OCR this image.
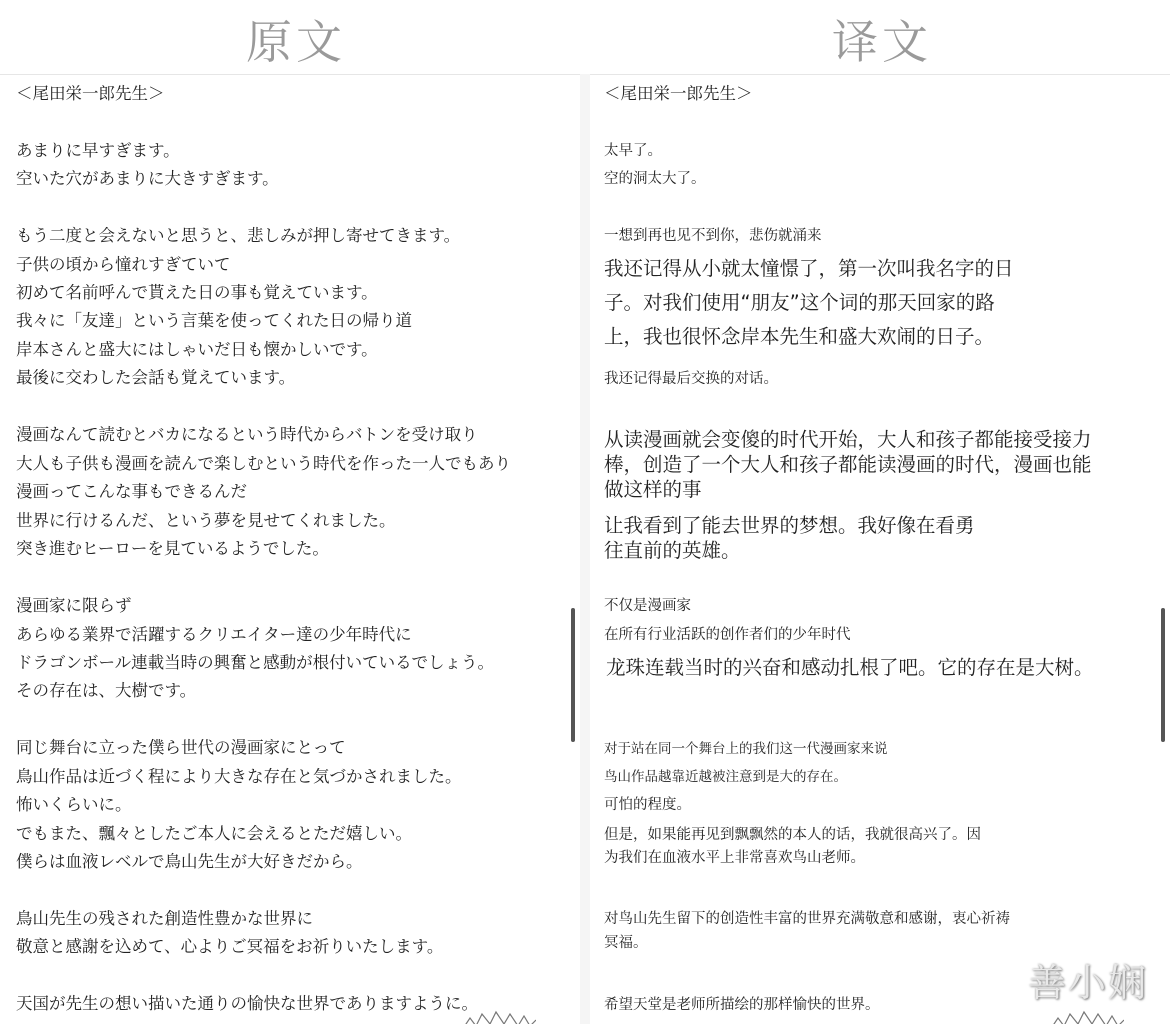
原文	译文
＜尾田栄一郎先生＞
あまりに早すぎます。
空いた穴があまりに大きすぎます。
もう二度と会えないと思うと、悲しみが押し寄せてきます。
子供の頃から憧れすぎていて
初めて名前呼んで貰えた日の事も覚えています。
我々に「友達」という言葉を使ってくれた日の帰り道
岸本さんと盛大にはしゃいだ日も懐かしいです。
最後に交わした会話も覚えています。
漫画なんて読むとバカになるという時代からバトンを受け取り
大人も子供も漫画を読んで楽しむという時代を作った一人でもあり
漫画ってこんな事もできるんだ
世界に行けるんだ、という夢を見せてくれました。
突き進むヒーローを見ているようでした。
漫画家に限らず
あらゆる業界で活躍するクリエイター達の少年時代に
ドラゴンボール連載当時の興奮と感動が根付いているでしょう。
その存在は、大樹です。
同じ舞台に立った僕ら世代の漫画家にとって
鳥山作品は近づく程により大きな存在と気づかされました。
怖いくらいに。
でもまた、飄々としたご本人に会えるとただ嬉しい。
僕らは血液レベルで鳥山先生が大好きだから。
鳥山先生の残された創造性豊かな世界に
敬意と感謝を込めて、心よりご冥福をお祈りいたします。
天国が先生の想い描いた通りの愉快な世界でありますように。
＜尾田栄一郎先生＞
太早了。
空的洞太大了。
一想到再也见不到你，悲伤就涌来
我还记得从小就太憧憬了，第一次叫我名字的日
子。对我们使用“朋友”这个词的那天回家的路
上，我也很怀念岸本先生和盛大欢闹的日子。
我还记得最后交换的对话。
从读漫画就会变傻的时代开始，大人和孩子都能接受接力
棒，创造了一个大人和孩子都能读漫画的时代，漫画也能
做这样的事
让我看到了能去世界的梦想。我好像在看勇
往直前的英雄。
不仅是漫画家
在所有行业活跃的创作者们的少年时代
龙珠连载当时的兴奋和感动扎根了吧。它的存在是大树。
对于站在同一个舞台上的我们这一代漫画家来说
鸟山作品越靠近越被注意到是大的存在。
可怕的程度。
但是，如果能再见到飘飘然的本人的话，我就很高兴了。因
为我们在血液水平上非常喜欢鸟山老师。
对鸟山先生留下的创造性丰富的世界充满敬意和感谢，衷心祈祷
冥福。
希望天堂是老师所描绘的那样愉快的世界。	善小娴
